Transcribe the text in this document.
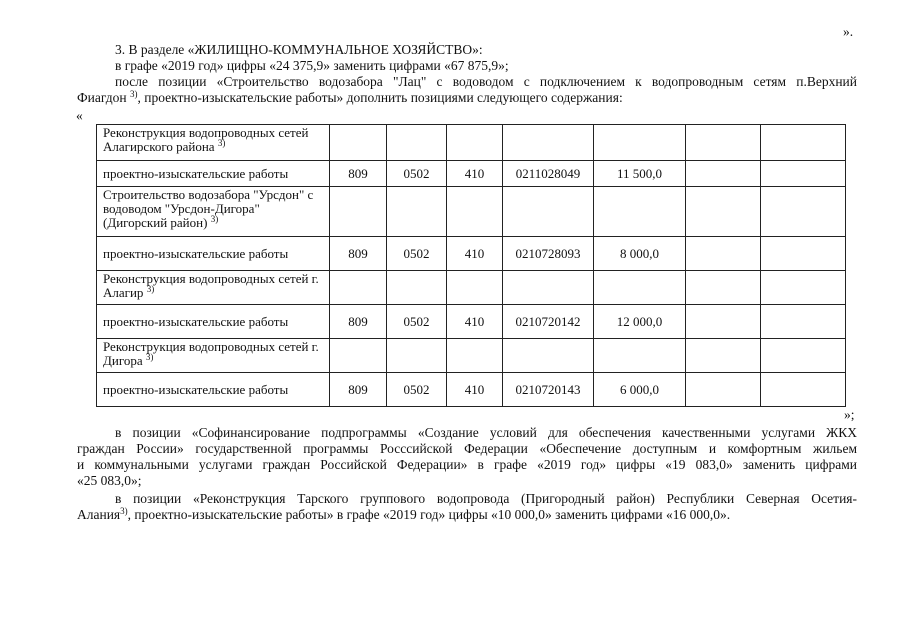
».
3. В разделе «ЖИЛИЩНО-КОММУНАЛЬНОЕ ХОЗЯЙСТВО»:
в графе «2019 год» цифры «24 375,9» заменить цифрами «67 875,9»;
после позиции «Строительство водозабора "Лац" с водоводом с подключением к водопроводным сетям п.Верхний
Фиагдон $^{3)}$, проектно-изыскательские работы» дополнить позициями следующего содержания:
«
Реконструкция водопроводных сетей Алагирского района $^{3)}$							
проектно-изыскательские работы	809	0502	410	0211028049	11 500,0		
Строительство водозабора "Урсдон" с водоводом "Урсдон-Дигора" (Дигорский район) $^{3)}$							
проектно-изыскательские работы	809	0502	410	0210728093	8 000,0		
Реконструкция водопроводных сетей г. Алагир $^{3)}$							
проектно-изыскательские работы	809	0502	410	0210720142	12 000,0		
Реконструкция водопроводных сетей г. Дигора $^{3)}$							
проектно-изыскательские работы	809	0502	410	0210720143	6 000,0		
»;
в позиции «Софинансирование подпрограммы «Создание условий для обеспечения качественными услугами ЖКХ
граждан России» государственной программы Росссийской Федерации «Обеспечение доступным и комфортным жильем
и коммунальными услугами граждан Российской Федерации» в графе «2019 год» цифры «19 083,0» заменить цифрами
«25 083,0»;
в позиции «Реконструкция Тарского группового водопровода (Пригородный район) Республики Северная Осетия-
Алания$^{3)}$, проектно-изыскательские работы» в графе «2019 год» цифры «10 000,0» заменить цифрами «16 000,0».
